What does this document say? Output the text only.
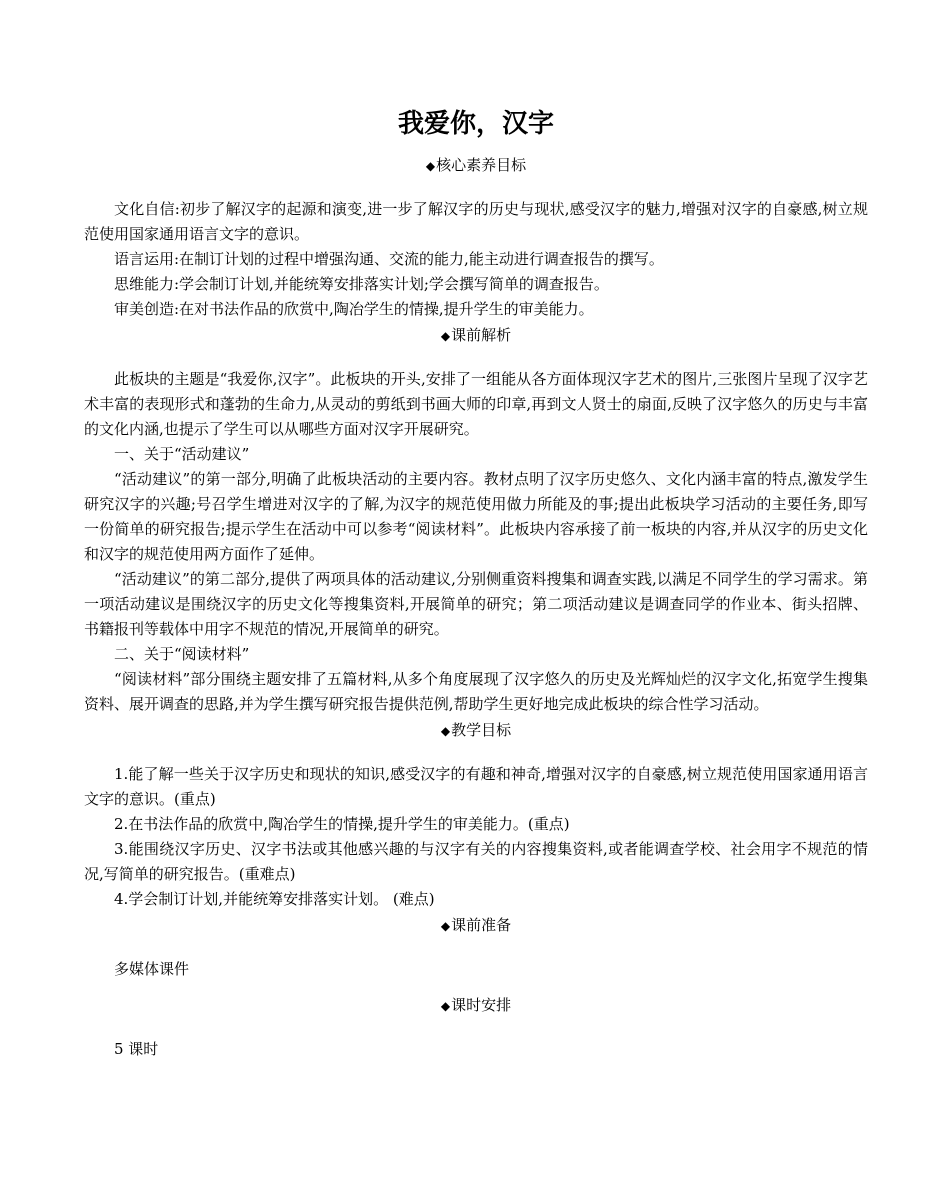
我爱你，汉字
◆核心素养目标

文化自信:初步了解汉字的起源和演变,进一步了解汉字的历史与现状,感受汉字的魅力,增强对汉字的自豪感,树立规范使用国家通用语言文字的意识。

语言运用:在制订计划的过程中增强沟通、交流的能力,能主动进行调查报告的撰写。

思维能力:学会制订计划,并能统筹安排落实计划;学会撰写简单的调查报告。

审美创造:在对书法作品的欣赏中,陶冶学生的情操,提升学生的审美能力。

◆课前解析

此板块的主题是“我爱你,汉字”。此板块的开头,安排了一组能从各方面体现汉字艺术的图片,三张图片呈现了汉字艺术丰富的表现形式和蓬勃的生命力,从灵动的剪纸到书画大师的印章,再到文人贤士的扇面,反映了汉字悠久的历史与丰富的文化内涵,也提示了学生可以从哪些方面对汉字开展研究。

一、关于“活动建议”

“活动建议”的第一部分,明确了此板块活动的主要内容。教材点明了汉字历史悠久、文化内涵丰富的特点,激发学生研究汉字的兴趣;号召学生增进对汉字的了解,为汉字的规范使用做力所能及的事;提出此板块学习活动的主要任务,即写一份简单的研究报告;提示学生在活动中可以参考“阅读材料”。此板块内容承接了前一板块的内容,并从汉字的历史文化和汉字的规范使用两方面作了延伸。

“活动建议”的第二部分,提供了两项具体的活动建议,分别侧重资料搜集和调查实践,以满足不同学生的学习需求。第一项活动建议是围绕汉字的历史文化等搜集资料,开展简单的研究；第二项活动建议是调查同学的作业本、街头招牌、书籍报刊等载体中用字不规范的情况,开展简单的研究。

二、关于“阅读材料”

“阅读材料”部分围绕主题安排了五篇材料,从多个角度展现了汉字悠久的历史及光辉灿烂的汉字文化,拓宽学生搜集资料、展开调查的思路,并为学生撰写研究报告提供范例,帮助学生更好地完成此板块的综合性学习活动。

◆教学目标

1.能了解一些关于汉字历史和现状的知识,感受汉字的有趣和神奇,增强对汉字的自豪感,树立规范使用国家通用语言文字的意识。(重点)

2.在书法作品的欣赏中,陶冶学生的情操,提升学生的审美能力。(重点)

3.能围绕汉字历史、汉字书法或其他感兴趣的与汉字有关的内容搜集资料,或者能调查学校、社会用字不规范的情况,写简单的研究报告。(重难点)

4.学会制订计划,并能统筹安排落实计划。 (难点)

◆课前准备

多媒体课件

◆课时安排

5 课时
